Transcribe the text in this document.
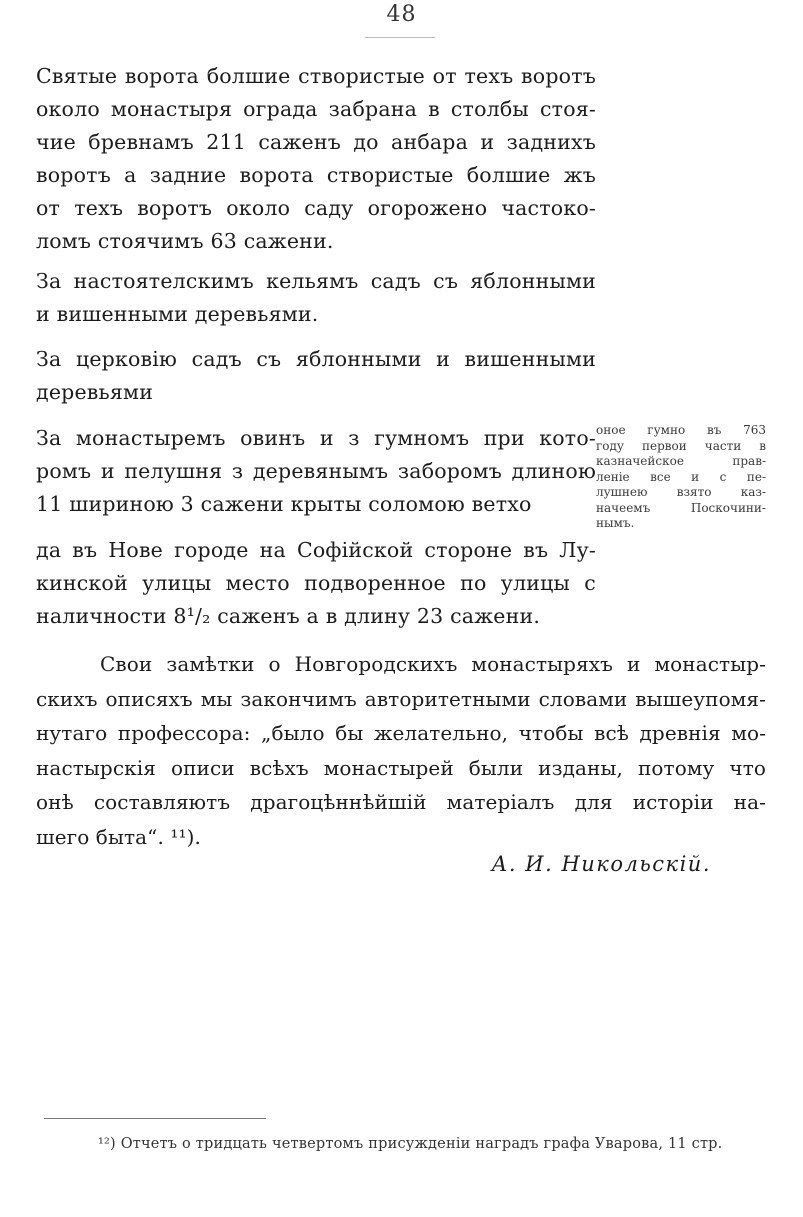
48
Святые ворота болшие створистые от техъ воротъ
около монастыря ограда забрана в столбы стоя-
чие бревнамъ 211 саженъ до анбара и заднихъ
воротъ а задние ворота створистые болшие жъ
от техъ воротъ около саду огорожено частоко-
ломъ стоячимъ 63 сажени.
За настоятелскимъ кельямъ садъ съ яблонными
и вишенными деревьями.
За церковію садъ съ яблонными и вишенными
деревьями
За монастыремъ овинъ и з гумномъ при кото-
ромъ и пелушня з деревянымъ заборомъ длиною
11 шириною 3 сажени крыты соломою ветхо
да въ Нове городе на Софійской стороне въ Лу-
кинской улицы место подворенное по улицы с
наличности 8¹/₂ саженъ а в длину 23 сажени.
оное гумно въ 763
году первои части в
казначейское прав-
леніе все и с пе-
лушнею взято каз-
начеемъ Поскочини-
нымъ.
Свои замѣтки о Новгородскихъ монастыряхъ и монастыр-
скихъ описяхъ мы закончимъ авторитетными словами вышеупомя-
нутаго профессора: „было бы желательно, чтобы всѣ древнія мо-
настырскія описи всѣхъ монастырей были изданы, потому что
онѣ составляютъ драгоцѣннѣйшій матеріалъ для исторіи на-
шего быта“. ¹¹).
А. И. Никольскій.
¹²) Отчетъ о тридцать четвертомъ присужденіи наградъ графа Уварова, 11 стр.
